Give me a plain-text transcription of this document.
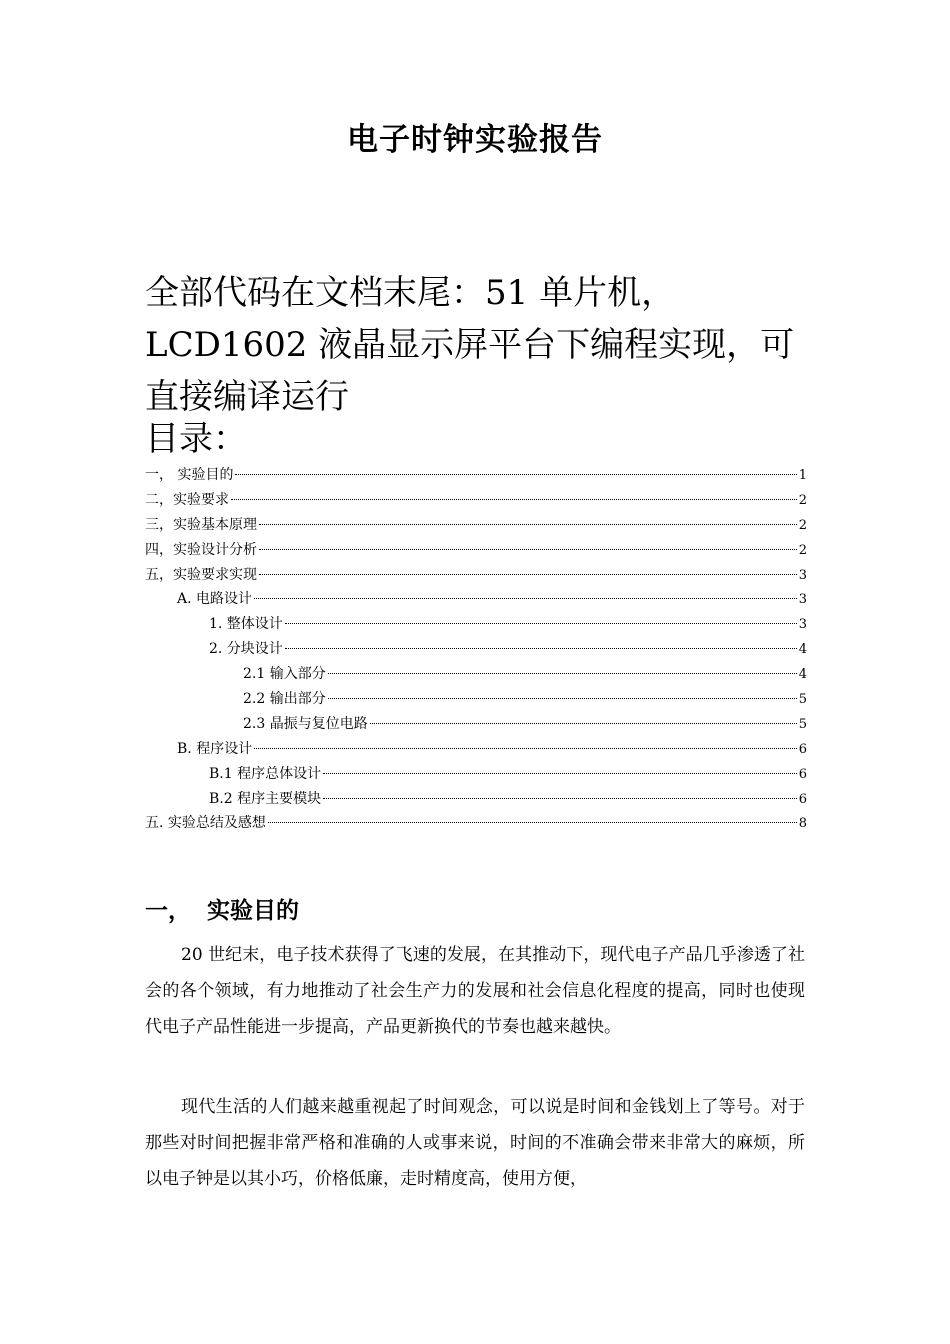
电子时钟实验报告

全部代码在文档末尾：51 单片机，LCD1602 液晶显示屏平台下编程实现，可直接编译运行

目录：
一， 实验目的	1
二，实验要求	2
三，实验基本原理	2
四，实验设计分析	2
五，实验要求实现	3
A. 电路设计	3
1. 整体设计	3
2. 分块设计	4
2.1 输入部分	4
2.2 输出部分	5
2.3 晶振与复位电路	5
B. 程序设计	6
B.1 程序总体设计	6
B.2 程序主要模块	6
五. 实验总结及感想	8
一， 实验目的

20 世纪末，电子技术获得了飞速的发展，在其推动下，现代电子产品几乎渗透了社会的各个领域，有力地推动了社会生产力的发展和社会信息化程度的提高，同时也使现代电子产品性能进一步提高，产品更新换代的节奏也越来越快。

现代生活的人们越来越重视起了时间观念，可以说是时间和金钱划上了等号。对于那些对时间把握非常严格和准确的人或事来说，时间的不准确会带来非常大的麻烦，所以电子钟是以其小巧，价格低廉，走时精度高，使用方便，
